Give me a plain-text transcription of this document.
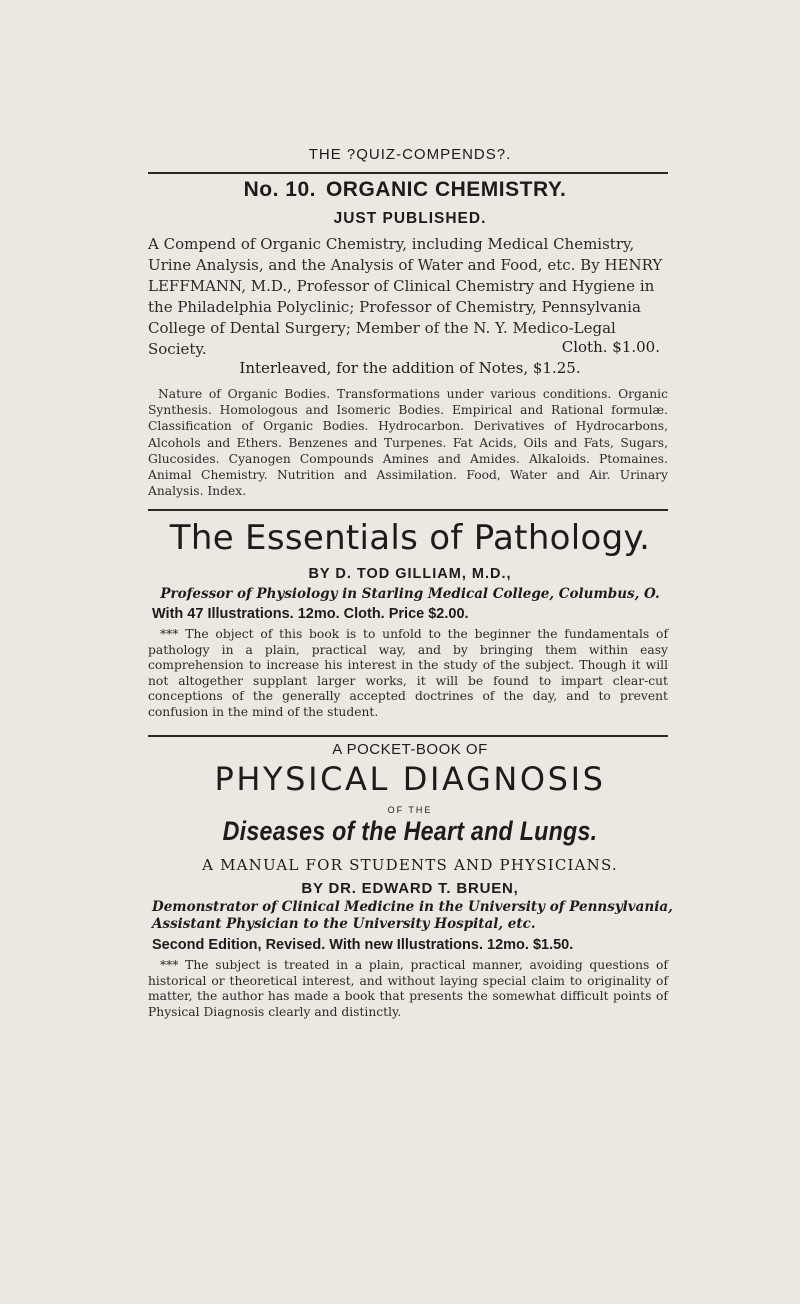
THE ?QUIZ-COMPENDS?.

No. 10. ORGANIC CHEMISTRY.

JUST PUBLISHED.

A Compend of Organic Chemistry, including Medical Chemistry, Urine Analysis, and the Analysis of Water and Food, etc. By HENRY LEFFMANN, M.D., Professor of Clinical Chemistry and Hygiene in the Philadelphia Polyclinic; Professor of Chemistry, Pennsylvania College of Dental Surgery; Member of the N. Y. Medico-Legal Society.	Cloth. $1.00.

Interleaved, for the addition of Notes, $1.25.

Nature of Organic Bodies. Transformations under various conditions. Organic Synthesis. Homologous and Isomeric Bodies. Empirical and Rational formulæ. Classification of Organic Bodies. Hydrocarbon. Derivatives of Hydrocarbons, Alcohols and Ethers. Benzenes and Turpenes. Fat Acids, Oils and Fats, Sugars, Glucosides. Cyanogen Compounds Amines and Amides. Alkaloids. Ptomaines. Animal Chemistry. Nutrition and Assimilation. Food, Water and Air. Urinary Analysis. Index.

The Essentials of Pathology.

BY D. TOD GILLIAM, M.D.,

Professor of Physiology in Starling Medical College, Columbus, O.

With 47 Illustrations. 12mo. Cloth. Price $2.00.

*** The object of this book is to unfold to the beginner the fundamentals of pathology in a plain, practical way, and by bringing them within easy comprehension to increase his interest in the study of the subject. Though it will not altogether supplant larger works, it will be found to impart clear-cut conceptions of the generally accepted doctrines of the day, and to prevent confusion in the mind of the student.

A POCKET-BOOK OF

PHYSICAL DIAGNOSIS

OF THE

Diseases of the Heart and Lungs.

A MANUAL FOR STUDENTS AND PHYSICIANS.

BY DR. EDWARD T. BRUEN,

Demonstrator of Clinical Medicine in the University of Pennsylvania, Assistant Physician to the University Hospital, etc.

Second Edition, Revised. With new Illustrations. 12mo. $1.50.

*** The subject is treated in a plain, practical manner, avoiding questions of historical or theoretical interest, and without laying special claim to originality of matter, the author has made a book that presents the somewhat difficult points of Physical Diagnosis clearly and distinctly.
